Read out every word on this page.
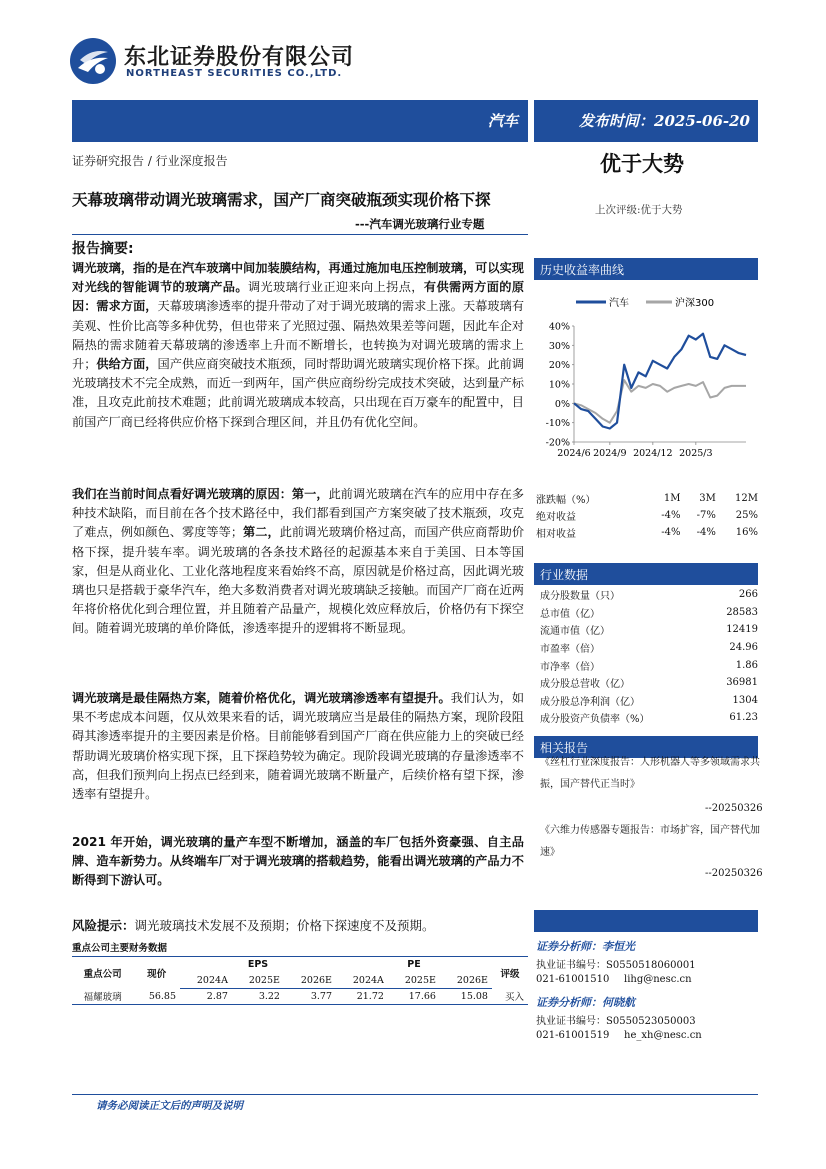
东北证券股份有限公司
NORTHEAST SECURITIES CO.,LTD.
汽车	发布时间：2025-06-20
证券研究报告 / 行业深度报告	优于大势
上次评级:优于大势
天幕玻璃带动调光玻璃需求，国产厂商突破瓶颈实现价格下探
---汽车调光玻璃行业专题
报告摘要:
调光玻璃，指的是在汽车玻璃中间加装膜结构，再通过施加电压控制玻璃，可以实现对光线的智能调节的玻璃产品。调光玻璃行业正迎来向上拐点，有供需两方面的原因：需求方面，天幕玻璃渗透率的提升带动了对于调光玻璃的需求上涨。天幕玻璃有美观、性价比高等多种优势，但也带来了光照过强、隔热效果差等问题，因此车企对隔热的需求随着天幕玻璃的渗透率上升而不断增长，也转换为对调光玻璃的需求上升；供给方面，国产供应商突破技术瓶颈，同时帮助调光玻璃实现价格下探。此前调光玻璃技术不完全成熟，而近一到两年，国产供应商纷纷完成技术突破，达到量产标准，且攻克此前技术难题；此前调光玻璃成本较高，只出现在百万豪车的配置中，目前国产厂商已经将供应价格下探到合理区间，并且仍有优化空间。
我们在当前时间点看好调光玻璃的原因：第一，此前调光玻璃在汽车的应用中存在多种技术缺陷，而目前在各个技术路径中，我们都看到国产方案突破了技术瓶颈，攻克了难点，例如颜色、雾度等等；第二，此前调光玻璃价格过高，而国产供应商帮助价格下探，提升装车率。调光玻璃的各条技术路径的起源基本来自于美国、日本等国家，但是从商业化、工业化落地程度来看始终不高，原因就是价格过高，因此调光玻璃也只是搭载于豪华汽车，绝大多数消费者对调光玻璃缺乏接触。而国产厂商在近两年将价格优化到合理位置，并且随着产品量产，规模化效应释放后，价格仍有下探空间。随着调光玻璃的单价降低，渗透率提升的逻辑将不断显现。
调光玻璃是最佳隔热方案，随着价格优化，调光玻璃渗透率有望提升。我们认为，如果不考虑成本问题，仅从效果来看的话，调光玻璃应当是最佳的隔热方案，现阶段阻碍其渗透率提升的主要因素是价格。目前能够看到国产厂商在供应能力上的突破已经帮助调光玻璃价格实现下探，且下探趋势较为确定。现阶段调光玻璃的存量渗透率不高，但我们预判向上拐点已经到来，随着调光玻璃不断量产，后续价格有望下探，渗透率有望提升。
2021 年开始，调光玻璃的量产车型不断增加，涵盖的车厂包括外资豪强、自主品牌、造车新势力。从终端车厂对于调光玻璃的搭载趋势，能看出调光玻璃的产品力不断得到下游认可。
风险提示：调光玻璃技术发展不及预期；价格下探速度不及预期。
重点公司主要财务数据
重点公司	现价	EPS			PE			评级
		2024A	2025E	2026E	2024A	2025E	2026E	
福耀玻璃	56.85	2.87	3.22	3.77	21.72	17.66	15.08	买入
历史收益率曲线
汽车	沪深300
40%
30%
20%
10%
0%
-10%
-20%
2024/6 2024/9 2024/12 2025/3
涨跌幅（%）	1M	3M	12M
绝对收益	-4%	-7%	25%
相对收益	-4%	-4%	16%
行业数据
成分股数量（只）	266
总市值（亿）	28583
流通市值（亿）	12419
市盈率（倍）	24.96
市净率（倍）	1.86
成分股总营收（亿）	36981
成分股总净利润（亿）	1304
成分股资产负债率（%）	61.23
相关报告
《丝杠行业深度报告：人形机器人等多领域需求共振，国产替代正当时》
--20250326
《六维力传感器专题报告：市场扩容，国产替代加速》
--20250326
证券分析师：李恒光
执业证书编号：S0550518060001
021-61001510 lihg@nesc.cn
证券分析师：何晓航
执业证书编号：S0550523050003
021-61001519 he_xh@nesc.cn
请务必阅读正文后的声明及说明
